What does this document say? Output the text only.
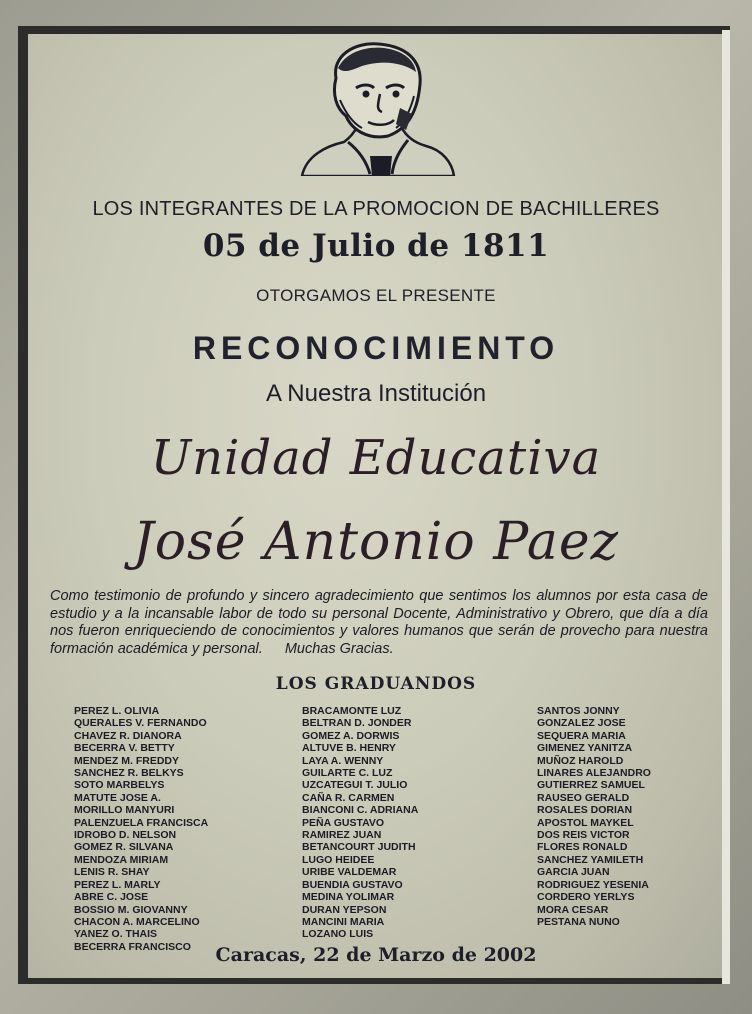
LOS INTEGRANTES DE LA PROMOCION DE BACHILLERES
05 de Julio de 1811
OTORGAMOS EL PRESENTE
RECONOCIMIENTO
A Nuestra Institución
Unidad Educativa
José Antonio Paez
Como testimonio de profundo y sincero agradecimiento que sentimos los alumnos por esta casa de estudio y a la incansable labor de todo su personal Docente, Administrativo y Obrero, que día a día nos fueron enriqueciendo de conocimientos y valores humanos que serán de provecho para nuestra formación académica y personal. Muchas Gracias.
LOS GRADUANDOS
PEREZ L. OLIVIA
QUERALES V. FERNANDO
CHAVEZ R. DIANORA
BECERRA V. BETTY
MENDEZ M. FREDDY
SANCHEZ R. BELKYS
SOTO MARBELYS
MATUTE JOSE A.
MORILLO MANYURI
PALENZUELA FRANCISCA
IDROBO D. NELSON
GOMEZ R. SILVANA
MENDOZA MIRIAM
LENIS R. SHAY
PEREZ L. MARLY
ABRE C. JOSE
BOSSIO M. GIOVANNY
CHACON A. MARCELINO
YANEZ O. THAIS
BECERRA FRANCISCO
BRACAMONTE LUZ
BELTRAN D. JONDER
GOMEZ A. DORWIS
ALTUVE B. HENRY
LAYA A. WENNY
GUILARTE C. LUZ
UZCATEGUI T. JULIO
CAÑA R. CARMEN
BIANCONI C. ADRIANA
PEÑA GUSTAVO
RAMIREZ JUAN
BETANCOURT JUDITH
LUGO HEIDEE
URIBE VALDEMAR
BUENDIA GUSTAVO
MEDINA YOLIMAR
DURAN YEPSON
MANCINI MARIA
LOZANO LUIS
SANTOS JONNY
GONZALEZ JOSE
SEQUERA MARIA
GIMENEZ YANITZA
MUÑOZ HAROLD
LINARES ALEJANDRO
GUTIERREZ SAMUEL
RAUSEO GERALD
ROSALES DORIAN
APOSTOL MAYKEL
DOS REIS VICTOR
FLORES RONALD
SANCHEZ YAMILETH
GARCIA JUAN
RODRIGUEZ YESENIA
CORDERO YERLYS
MORA CESAR
PESTANA NUNO
Caracas, 22 de Marzo de 2002
